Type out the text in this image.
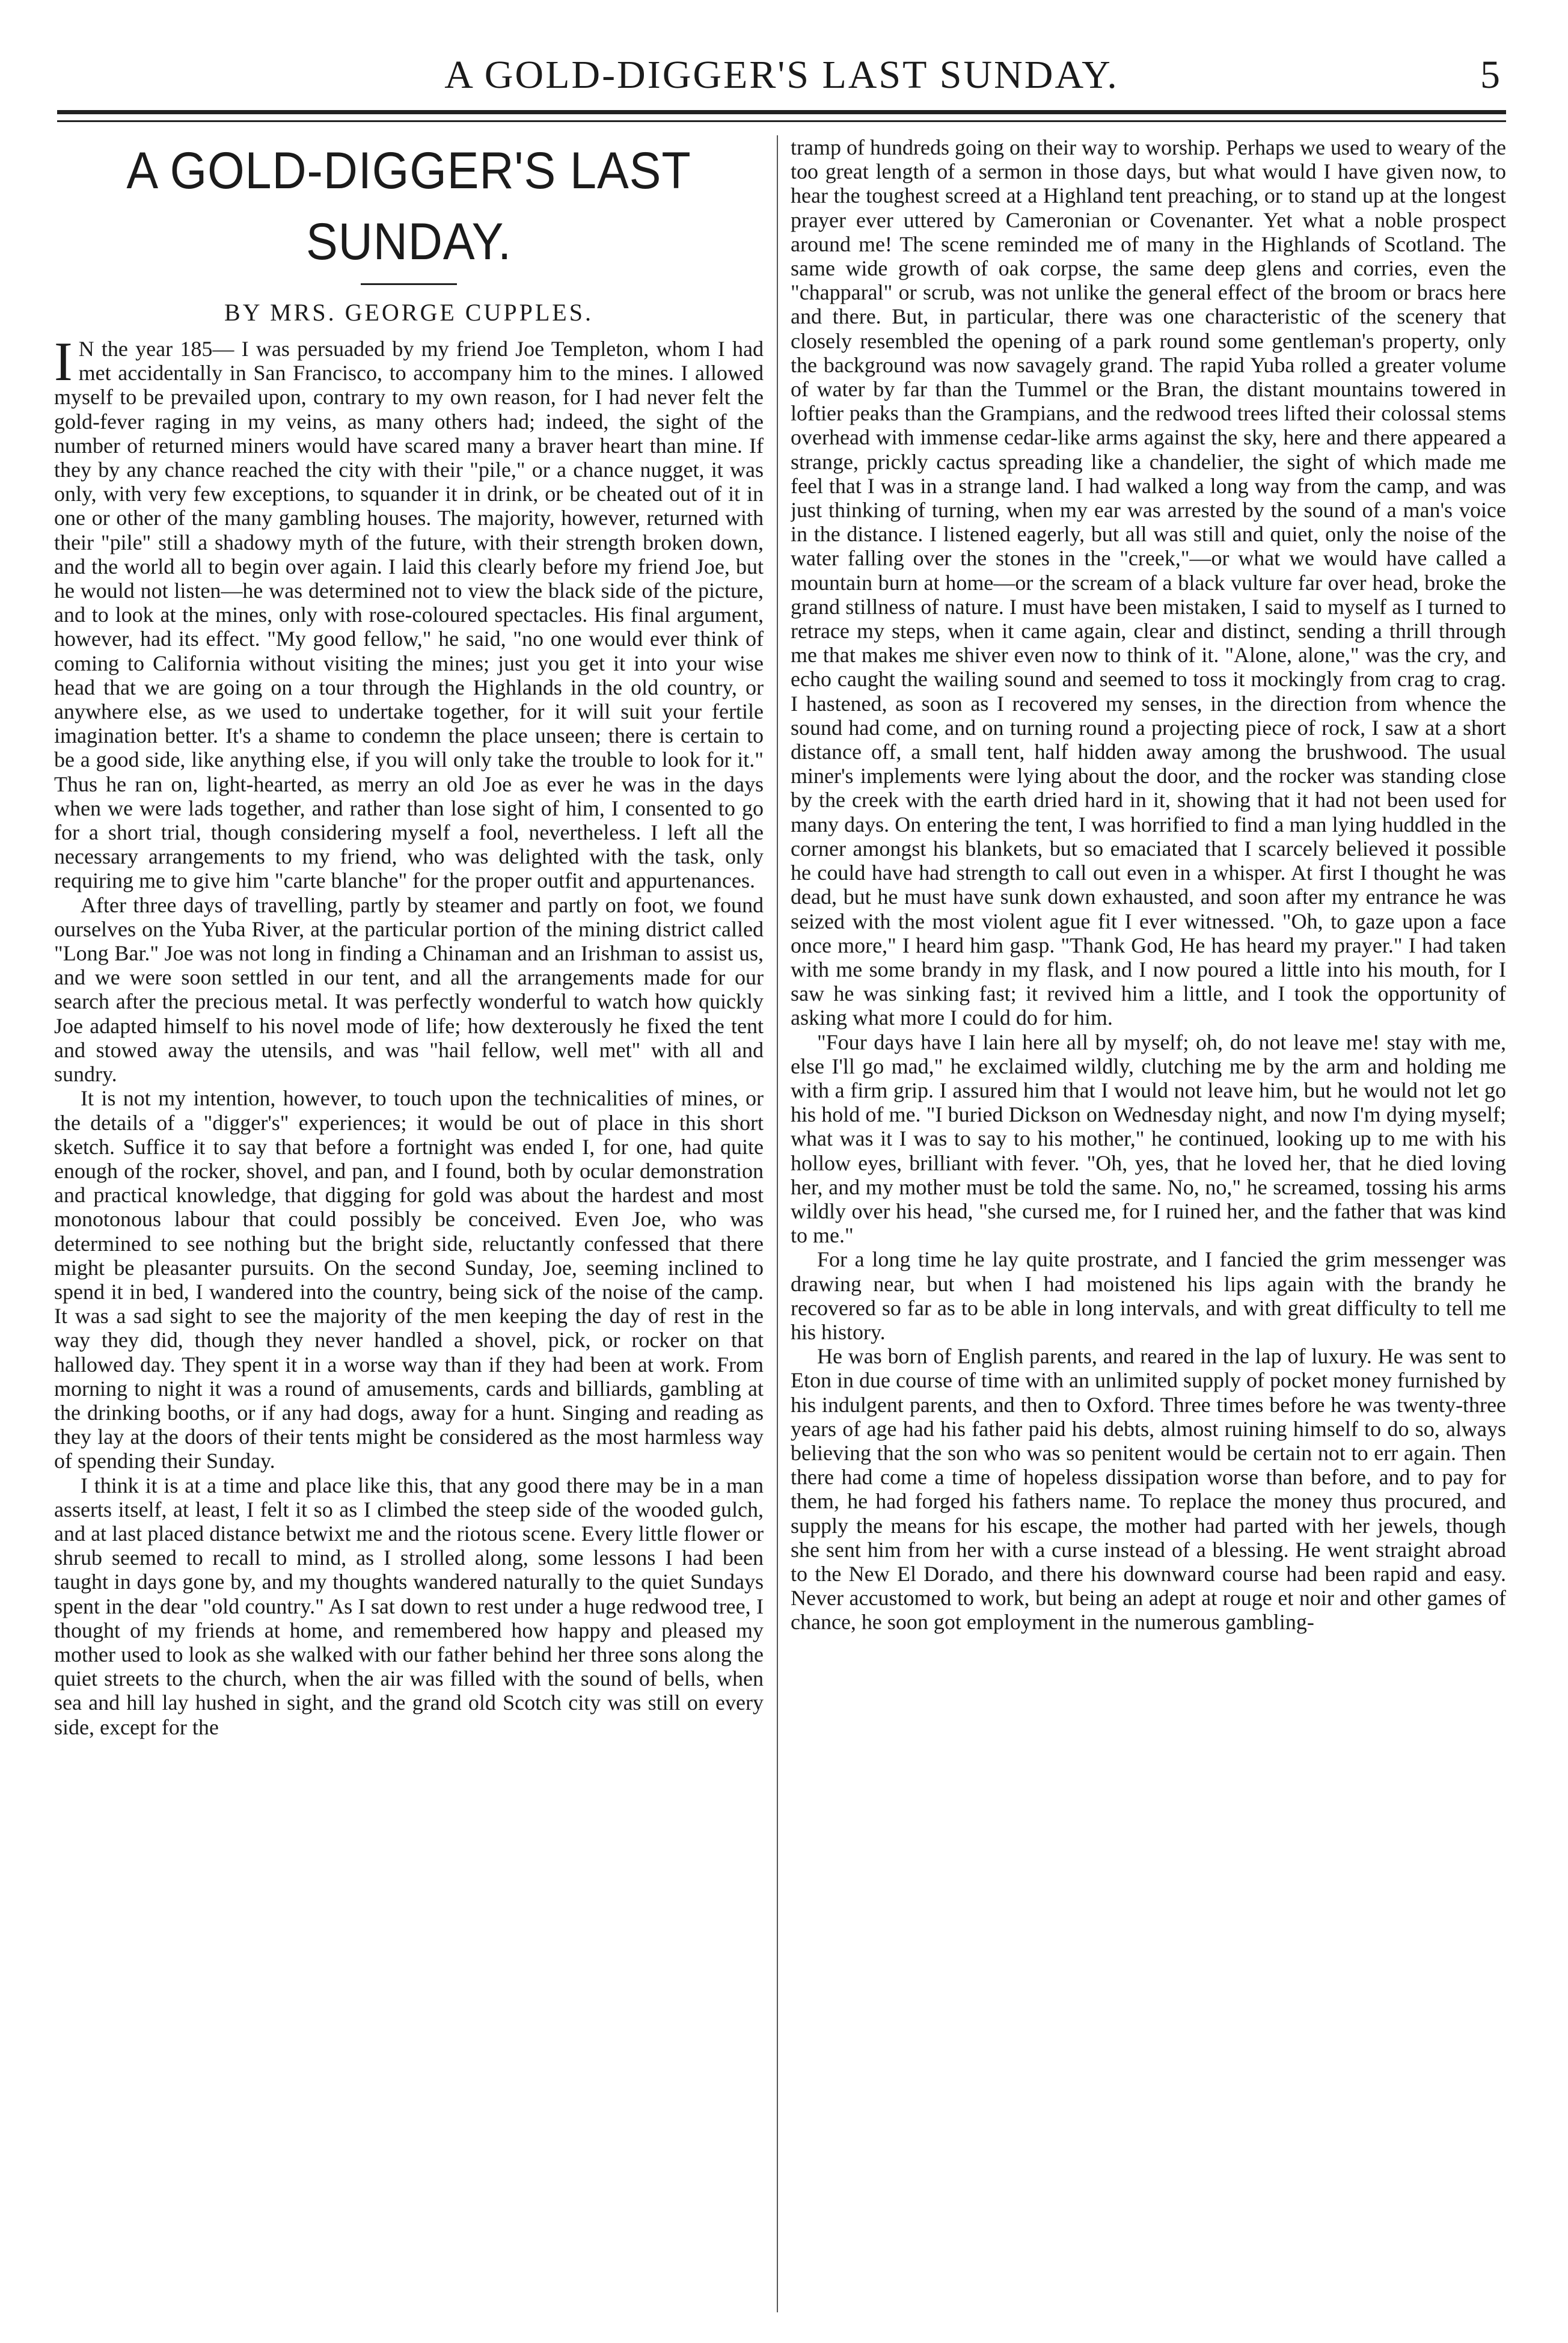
A GOLD-DIGGER'S LAST SUNDAY.	5
A GOLD-DIGGER'S LAST SUNDAY.
BY MRS. GEORGE CUPPLES.

I N the year 185— I was persuaded by my friend Joe Templeton, whom I had met accidentally in San Francisco, to accompany him to the mines. I allowed myself to be prevailed upon, contrary to my own reason, for I had never felt the gold-fever raging in my veins, as many others had; indeed, the sight of the number of returned miners would have scared many a braver heart than mine. If they by any chance reached the city with their "pile," or a chance nugget, it was only, with very few exceptions, to squander it in drink, or be cheated out of it in one or other of the many gambling houses. The majority, however, returned with their "pile" still a shadowy myth of the future, with their strength broken down, and the world all to begin over again. I laid this clearly before my friend Joe, but he would not listen—he was determined not to view the black side of the picture, and to look at the mines, only with rose-coloured spectacles. His final argument, however, had its effect. "My good fellow," he said, "no one would ever think of coming to California without visiting the mines; just you get it into your wise head that we are going on a tour through the Highlands in the old country, or anywhere else, as we used to undertake together, for it will suit your fertile imagination better. It's a shame to condemn the place unseen; there is certain to be a good side, like anything else, if you will only take the trouble to look for it." Thus he ran on, light-hearted, as merry an old Joe as ever he was in the days when we were lads together, and rather than lose sight of him, I consented to go for a short trial, though considering myself a fool, nevertheless. I left all the necessary arrangements to my friend, who was delighted with the task, only requiring me to give him "carte blanche" for the proper outfit and appurtenances.

After three days of travelling, partly by steamer and partly on foot, we found ourselves on the Yuba River, at the particular portion of the mining district called "Long Bar." Joe was not long in finding a Chinaman and an Irishman to assist us, and we were soon settled in our tent, and all the arrangements made for our search after the precious metal. It was perfectly wonderful to watch how quickly Joe adapted himself to his novel mode of life; how dexterously he fixed the tent and stowed away the utensils, and was "hail fellow, well met" with all and sundry.

It is not my intention, however, to touch upon the technicalities of mines, or the details of a "digger's" experiences; it would be out of place in this short sketch. Suffice it to say that before a fortnight was ended I, for one, had quite enough of the rocker, shovel, and pan, and I found, both by ocular demonstration and practical knowledge, that digging for gold was about the hardest and most monotonous labour that could possibly be conceived. Even Joe, who was determined to see nothing but the bright side, reluctantly confessed that there might be pleasanter pursuits. On the second Sunday, Joe, seeming inclined to spend it in bed, I wandered into the country, being sick of the noise of the camp. It was a sad sight to see the majority of the men keeping the day of rest in the way they did, though they never handled a shovel, pick, or rocker on that hallowed day. They spent it in a worse way than if they had been at work. From morning to night it was a round of amusements, cards and billiards, gambling at the drinking booths, or if any had dogs, away for a hunt. Singing and reading as they lay at the doors of their tents might be considered as the most harmless way of spending their Sunday.

I think it is at a time and place like this, that any good there may be in a man asserts itself, at least, I felt it so as I climbed the steep side of the wooded gulch, and at last placed distance betwixt me and the riotous scene. Every little flower or shrub seemed to recall to mind, as I strolled along, some lessons I had been taught in days gone by, and my thoughts wandered naturally to the quiet Sundays spent in the dear "old country." As I sat down to rest under a huge redwood tree, I thought of my friends at home, and remembered how happy and pleased my mother used to look as she walked with our father behind her three sons along the quiet streets to the church, when the air was filled with the sound of bells, when sea and hill lay hushed in sight, and the grand old Scotch city was still on every side, except for the

tramp of hundreds going on their way to worship. Perhaps we used to weary of the too great length of a sermon in those days, but what would I have given now, to hear the toughest screed at a Highland tent preaching, or to stand up at the longest prayer ever uttered by Cameronian or Covenanter. Yet what a noble prospect around me! The scene reminded me of many in the Highlands of Scotland. The same wide growth of oak corpse, the same deep glens and corries, even the "chapparal" or scrub, was not unlike the general effect of the broom or bracs here and there. But, in particular, there was one characteristic of the scenery that closely resembled the opening of a park round some gentleman's property, only the background was now savagely grand. The rapid Yuba rolled a greater volume of water by far than the Tummel or the Bran, the distant mountains towered in loftier peaks than the Grampians, and the redwood trees lifted their colossal stems overhead with immense cedar-like arms against the sky, here and there appeared a strange, prickly cactus spreading like a chandelier, the sight of which made me feel that I was in a strange land. I had walked a long way from the camp, and was just thinking of turning, when my ear was arrested by the sound of a man's voice in the distance. I listened eagerly, but all was still and quiet, only the noise of the water falling over the stones in the "creek,"—or what we would have called a mountain burn at home—or the scream of a black vulture far over head, broke the grand stillness of nature. I must have been mistaken, I said to myself as I turned to retrace my steps, when it came again, clear and distinct, sending a thrill through me that makes me shiver even now to think of it. "Alone, alone," was the cry, and echo caught the wailing sound and seemed to toss it mockingly from crag to crag. I hastened, as soon as I recovered my senses, in the direction from whence the sound had come, and on turning round a projecting piece of rock, I saw at a short distance off, a small tent, half hidden away among the brushwood. The usual miner's implements were lying about the door, and the rocker was standing close by the creek with the earth dried hard in it, showing that it had not been used for many days. On entering the tent, I was horrified to find a man lying huddled in the corner amongst his blankets, but so emaciated that I scarcely believed it possible he could have had strength to call out even in a whisper. At first I thought he was dead, but he must have sunk down exhausted, and soon after my entrance he was seized with the most violent ague fit I ever witnessed. "Oh, to gaze upon a face once more," I heard him gasp. "Thank God, He has heard my prayer." I had taken with me some brandy in my flask, and I now poured a little into his mouth, for I saw he was sinking fast; it revived him a little, and I took the opportunity of asking what more I could do for him.

"Four days have I lain here all by myself; oh, do not leave me! stay with me, else I'll go mad," he exclaimed wildly, clutching me by the arm and holding me with a firm grip. I assured him that I would not leave him, but he would not let go his hold of me. "I buried Dickson on Wednesday night, and now I'm dying myself; what was it I was to say to his mother," he continued, looking up to me with his hollow eyes, brilliant with fever. "Oh, yes, that he loved her, that he died loving her, and my mother must be told the same. No, no," he screamed, tossing his arms wildly over his head, "she cursed me, for I ruined her, and the father that was kind to me."

For a long time he lay quite prostrate, and I fancied the grim messenger was drawing near, but when I had moistened his lips again with the brandy he recovered so far as to be able in long intervals, and with great difficulty to tell me his history.

He was born of English parents, and reared in the lap of luxury. He was sent to Eton in due course of time with an unlimited supply of pocket money furnished by his indulgent parents, and then to Oxford. Three times before he was twenty-three years of age had his father paid his debts, almost ruining himself to do so, always believing that the son who was so penitent would be certain not to err again. Then there had come a time of hopeless dissipation worse than before, and to pay for them, he had forged his fathers name. To replace the money thus procured, and supply the means for his escape, the mother had parted with her jewels, though she sent him from her with a curse instead of a blessing. He went straight abroad to the New El Dorado, and there his downward course had been rapid and easy. Never accustomed to work, but being an adept at rouge et noir and other games of chance, he soon got employment in the numerous gambling-
